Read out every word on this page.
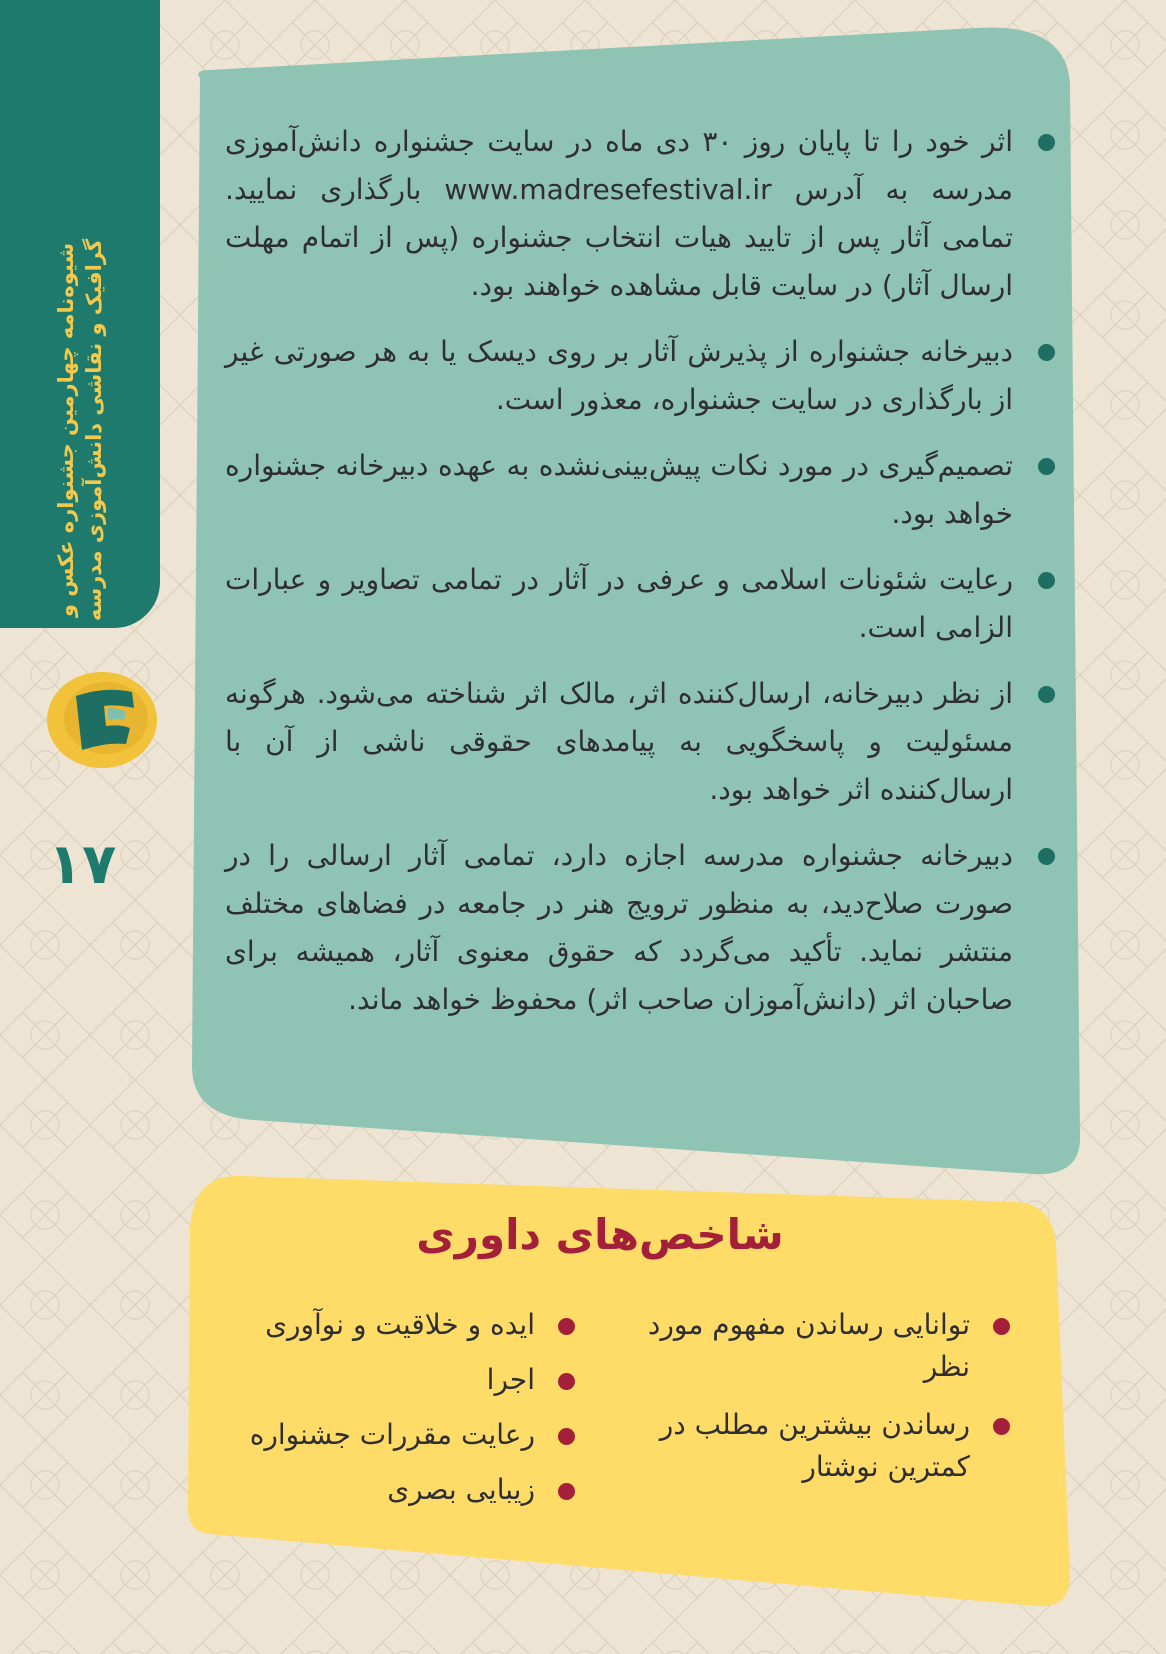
شیوه‌نامه چهارمین جشنواره عکس و گرافیک و نقاشی دانش‌آموزی مدرسه
۱۷
اثر خود را تا پایان روز ۳۰ دی ماه در سایت جشنواره دانش‌آموزی مدرسه به آدرس www.madresefestival.ir بارگذاری نمایید. تمامی آثار پس از تایید هیات انتخاب جشنواره (پس از اتمام مهلت ارسال آثار) در سایت قابل مشاهده خواهند بود.
دبیرخانه جشنواره از پذیرش آثار بر روی دیسک یا به هر صورتی غیر از بارگذاری در سایت جشنواره، معذور است.
تصمیم‌گیری در مورد نکات پیش‌بینی‌نشده به عهده دبیرخانه جشنواره خواهد بود.
رعایت شئونات اسلامی و عرفی در آثار در تمامی تصاویر و عبارات الزامی است.
از نظر دبیرخانه، ارسال‌کننده اثر، مالک اثر شناخته می‌شود. هرگونه مسئولیت و پاسخگویی به پیامدهای حقوقی ناشی از آن با ارسال‌کننده اثر خواهد بود.
دبیرخانه جشنواره مدرسه اجازه دارد، تمامی آثار ارسالی را در صورت صلاح‌دید، به منظور ترویج هنر در جامعه در فضاهای مختلف منتشر نماید. تأکید می‌گردد که حقوق معنوی آثار، همیشه برای صاحبان اثر (دانش‌آموزان صاحب اثر) محفوظ خواهد ماند.
شاخص‌های داوری
توانایی رساندن مفهوم مورد نظر
رساندن بیشترین مطلب در کمترین نوشتار
ایده و خلاقیت و نوآوری
اجرا
رعایت مقررات جشنواره
زیبایی بصری
